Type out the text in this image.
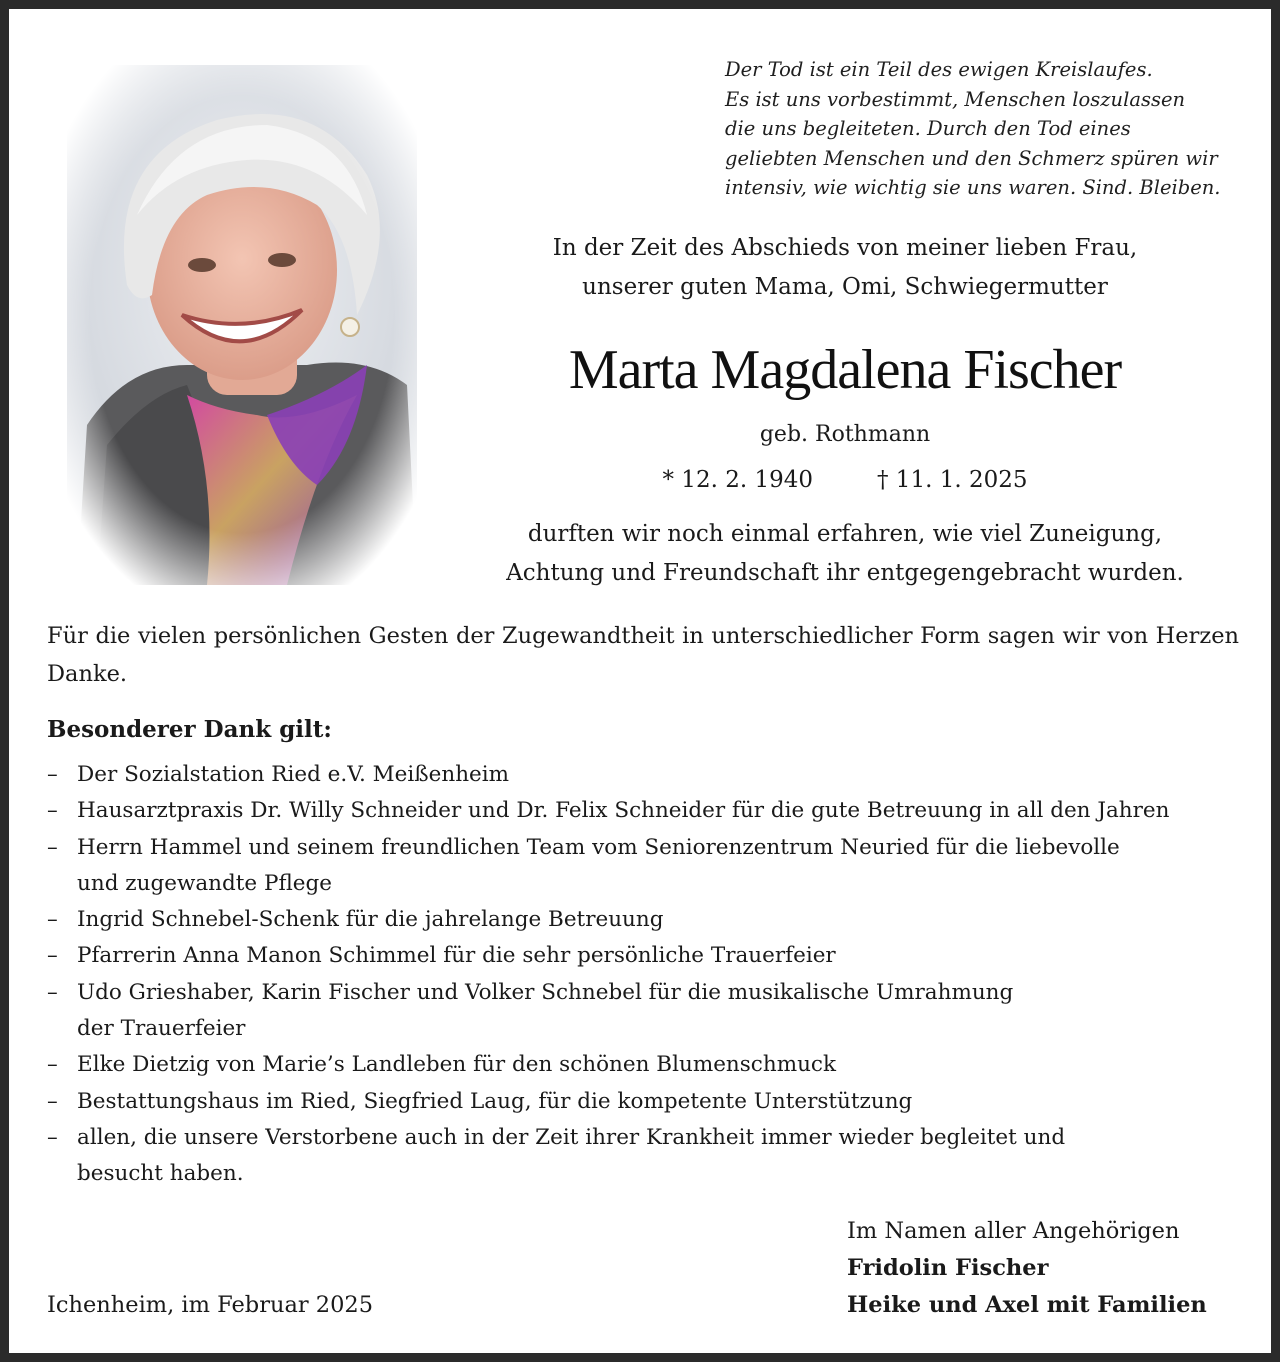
Der Tod ist ein Teil des ewigen Kreislaufes.
Es ist uns vorbestimmt, Menschen loszulassen
die uns begleiteten. Durch den Tod eines
geliebten Menschen und den Schmerz spüren wir
intensiv, wie wichtig sie uns waren. Sind. Bleiben.
In der Zeit des Abschieds von meiner lieben Frau,
unserer guten Mama, Omi, Schwiegermutter
Marta Magdalena Fischer
geb. Rothmann
* 12. 2. 1940	† 11. 1. 2025
durften wir noch einmal erfahren, wie viel Zuneigung,
Achtung und Freundschaft ihr entgegengebracht wurden.
Für die vielen persönlichen Gesten der Zugewandtheit in unterschiedlicher Form sagen wir von Herzen Danke.
Besonderer Dank gilt:
– Der Sozialstation Ried e.V. Meißenheim
– Hausarztpraxis Dr. Willy Schneider und Dr. Felix Schneider für die gute Betreuung in all den Jahren
– Herrn Hammel und seinem freundlichen Team vom Seniorenzentrum Neuried für die liebevolle
und zugewandte Pflege
– Ingrid Schnebel-Schenk für die jahrelange Betreuung
– Pfarrerin Anna Manon Schimmel für die sehr persönliche Trauerfeier
– Udo Grieshaber, Karin Fischer und Volker Schnebel für die musikalische Umrahmung
der Trauerfeier
– Elke Dietzig von Marie’s Landleben für den schönen Blumenschmuck
– Bestattungshaus im Ried, Siegfried Laug, für die kompetente Unterstützung
– allen, die unsere Verstorbene auch in der Zeit ihrer Krankheit immer wieder begleitet und
besucht haben.
Im Namen aller Angehörigen
Fridolin Fischer
Heike und Axel mit Familien
Ichenheim, im Februar 2025
